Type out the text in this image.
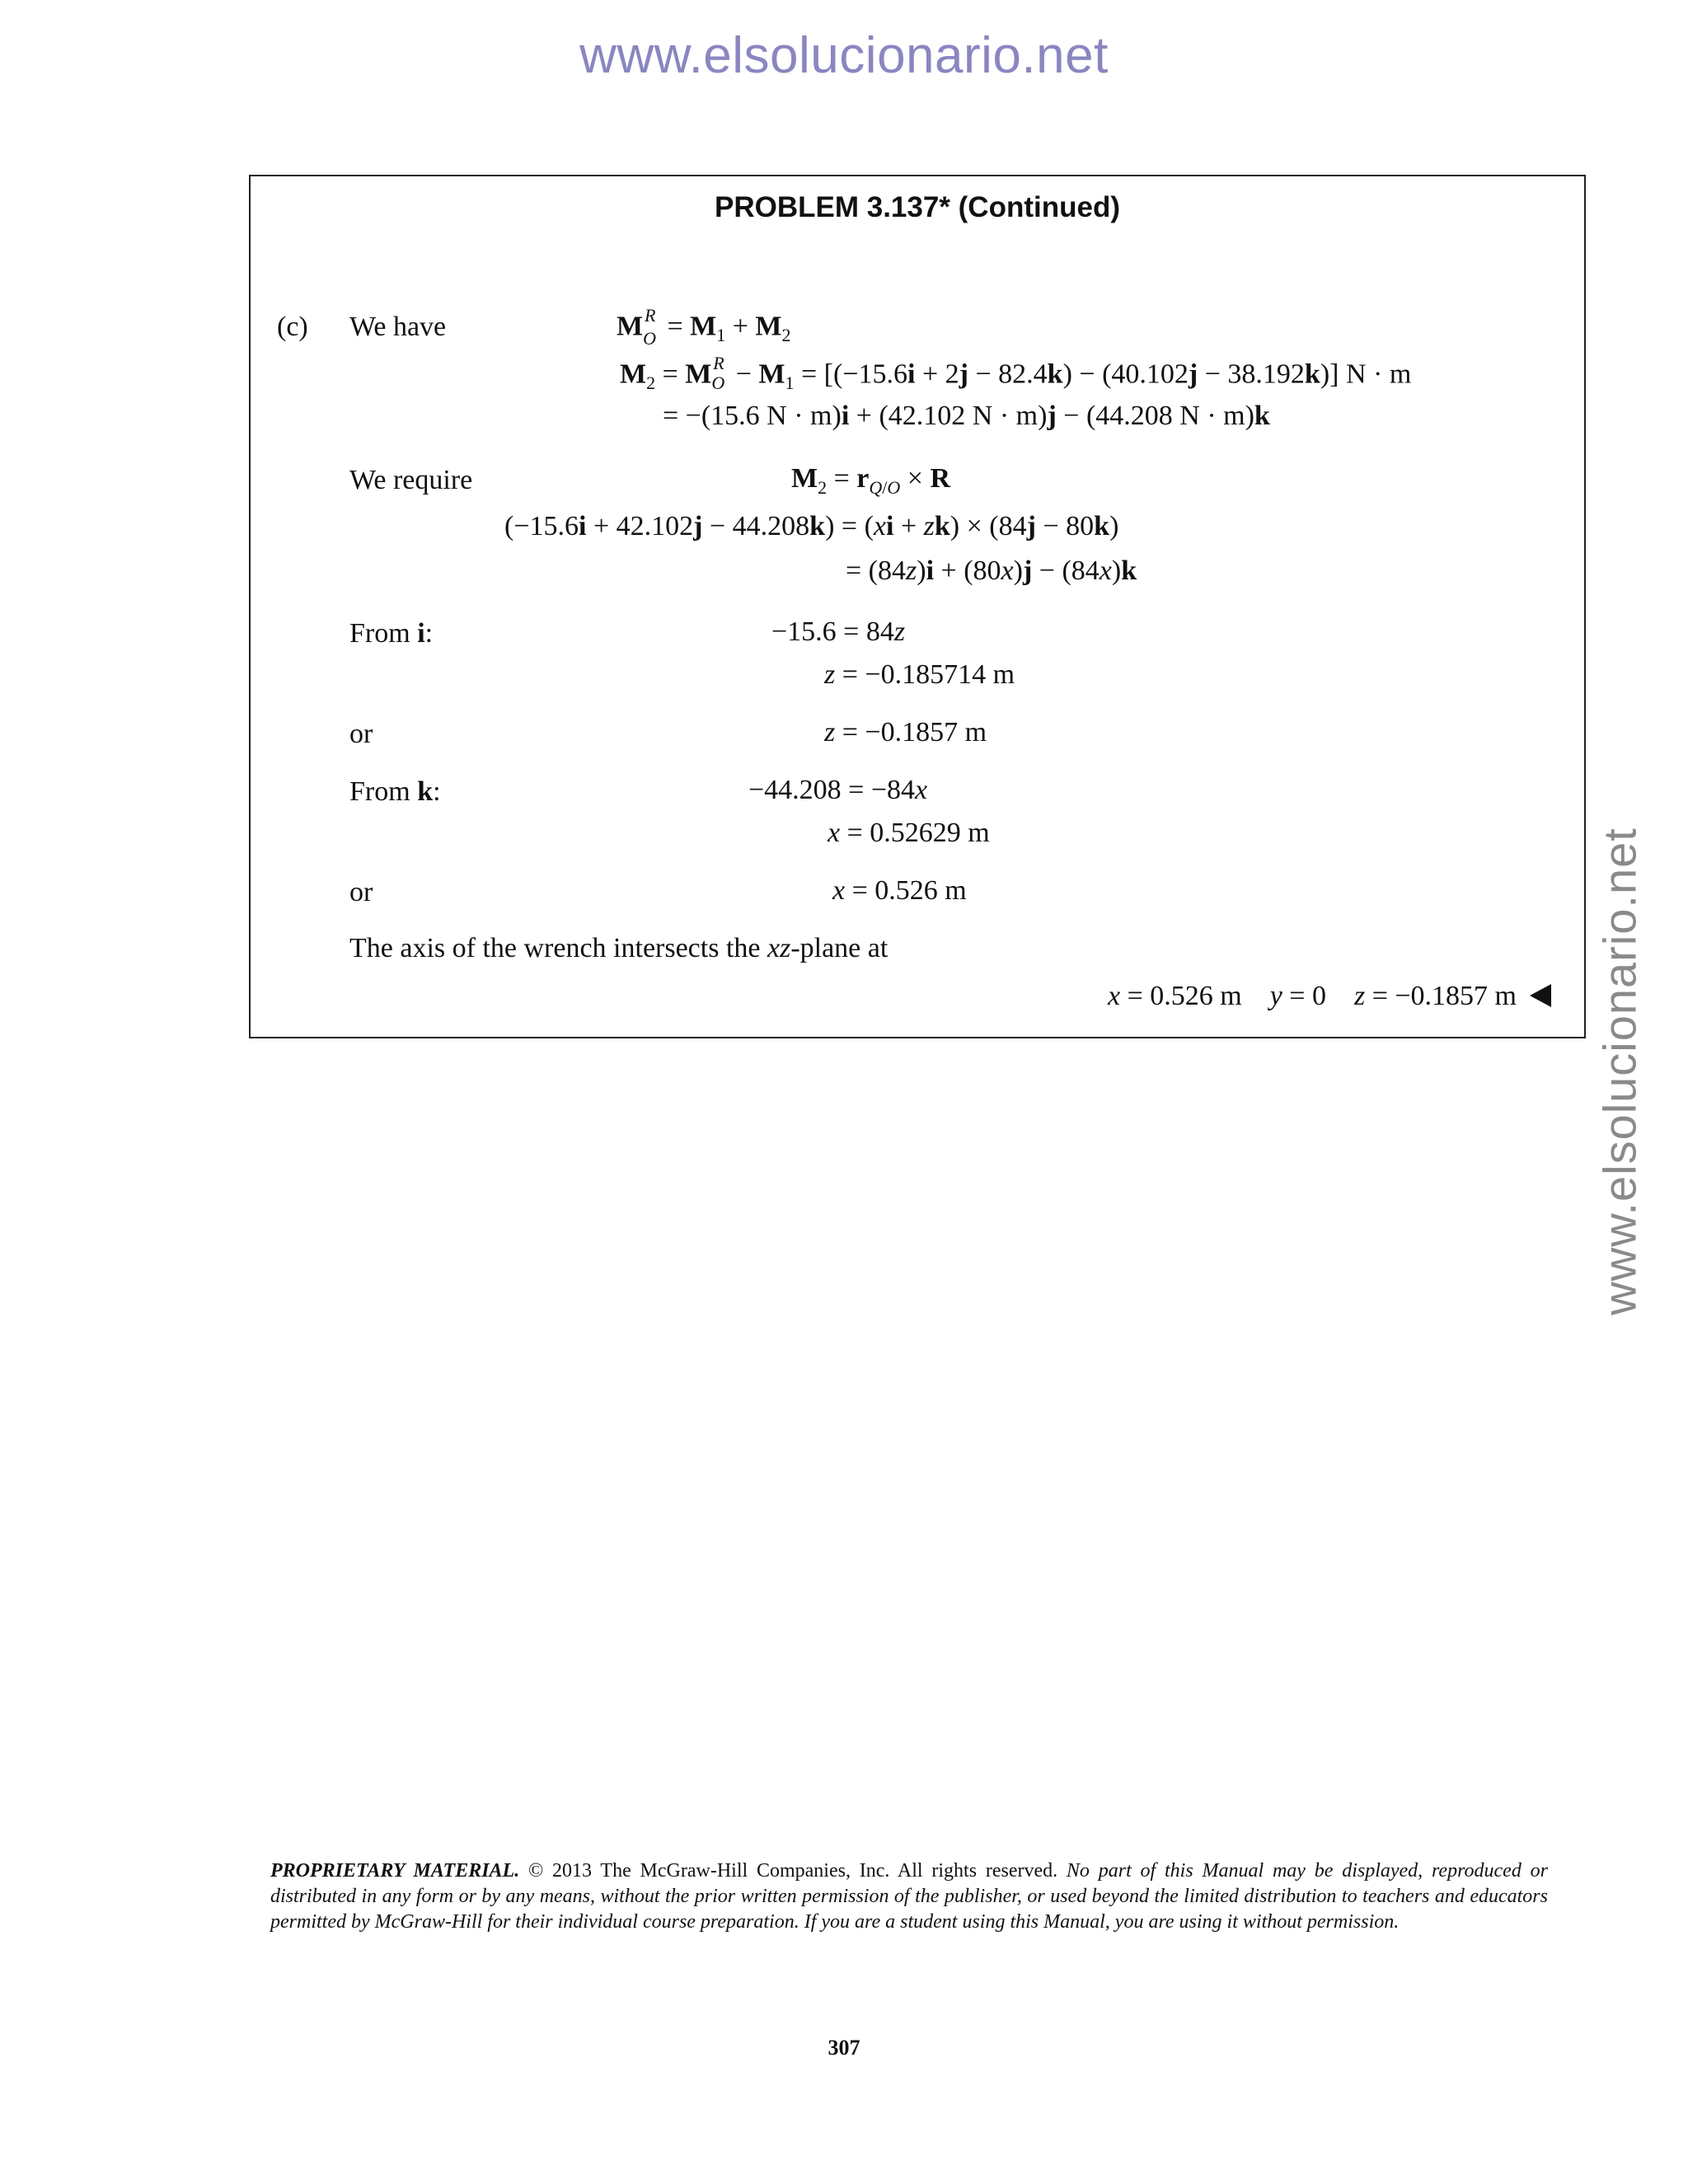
www.elsolucionario.net
www.elsolucionario.net
PROBLEM 3.137* (Continued)
(c) We have	$M_O^R = M_1 + M_2$
$M_2 = M_O^R - M_1 = [(-15.6i + 2j - 82.4k) - (40.102j - 38.192k)] N \cdot m$
= −(15.6 N · m)i + (42.102 N · m)j − (44.208 N · m)k
We require	$M_2 = r_{Q/O} \times R$
(−15.6i + 42.102j − 44.208k) = (xi + zk) × (84j − 80k)
= (84z)i + (80x)j − (84x)k
From i:	−15.6 = 84z
z = −0.185714 m
or	z = −0.1857 m
From k:	−44.208 = −84x
x = 0.52629 m
or	x = 0.526 m
The axis of the wrench intersects the xz-plane at
x = 0.526 m y = 0 z = −0.1857 m
PROPRIETARY MATERIAL. © 2013 The McGraw-Hill Companies, Inc. All rights reserved. No part of this Manual may be displayed, reproduced or distributed in any form or by any means, without the prior written permission of the publisher, or used beyond the limited distribution to teachers and educators permitted by McGraw-Hill for their individual course preparation. If you are a student using this Manual, you are using it without permission.
307
